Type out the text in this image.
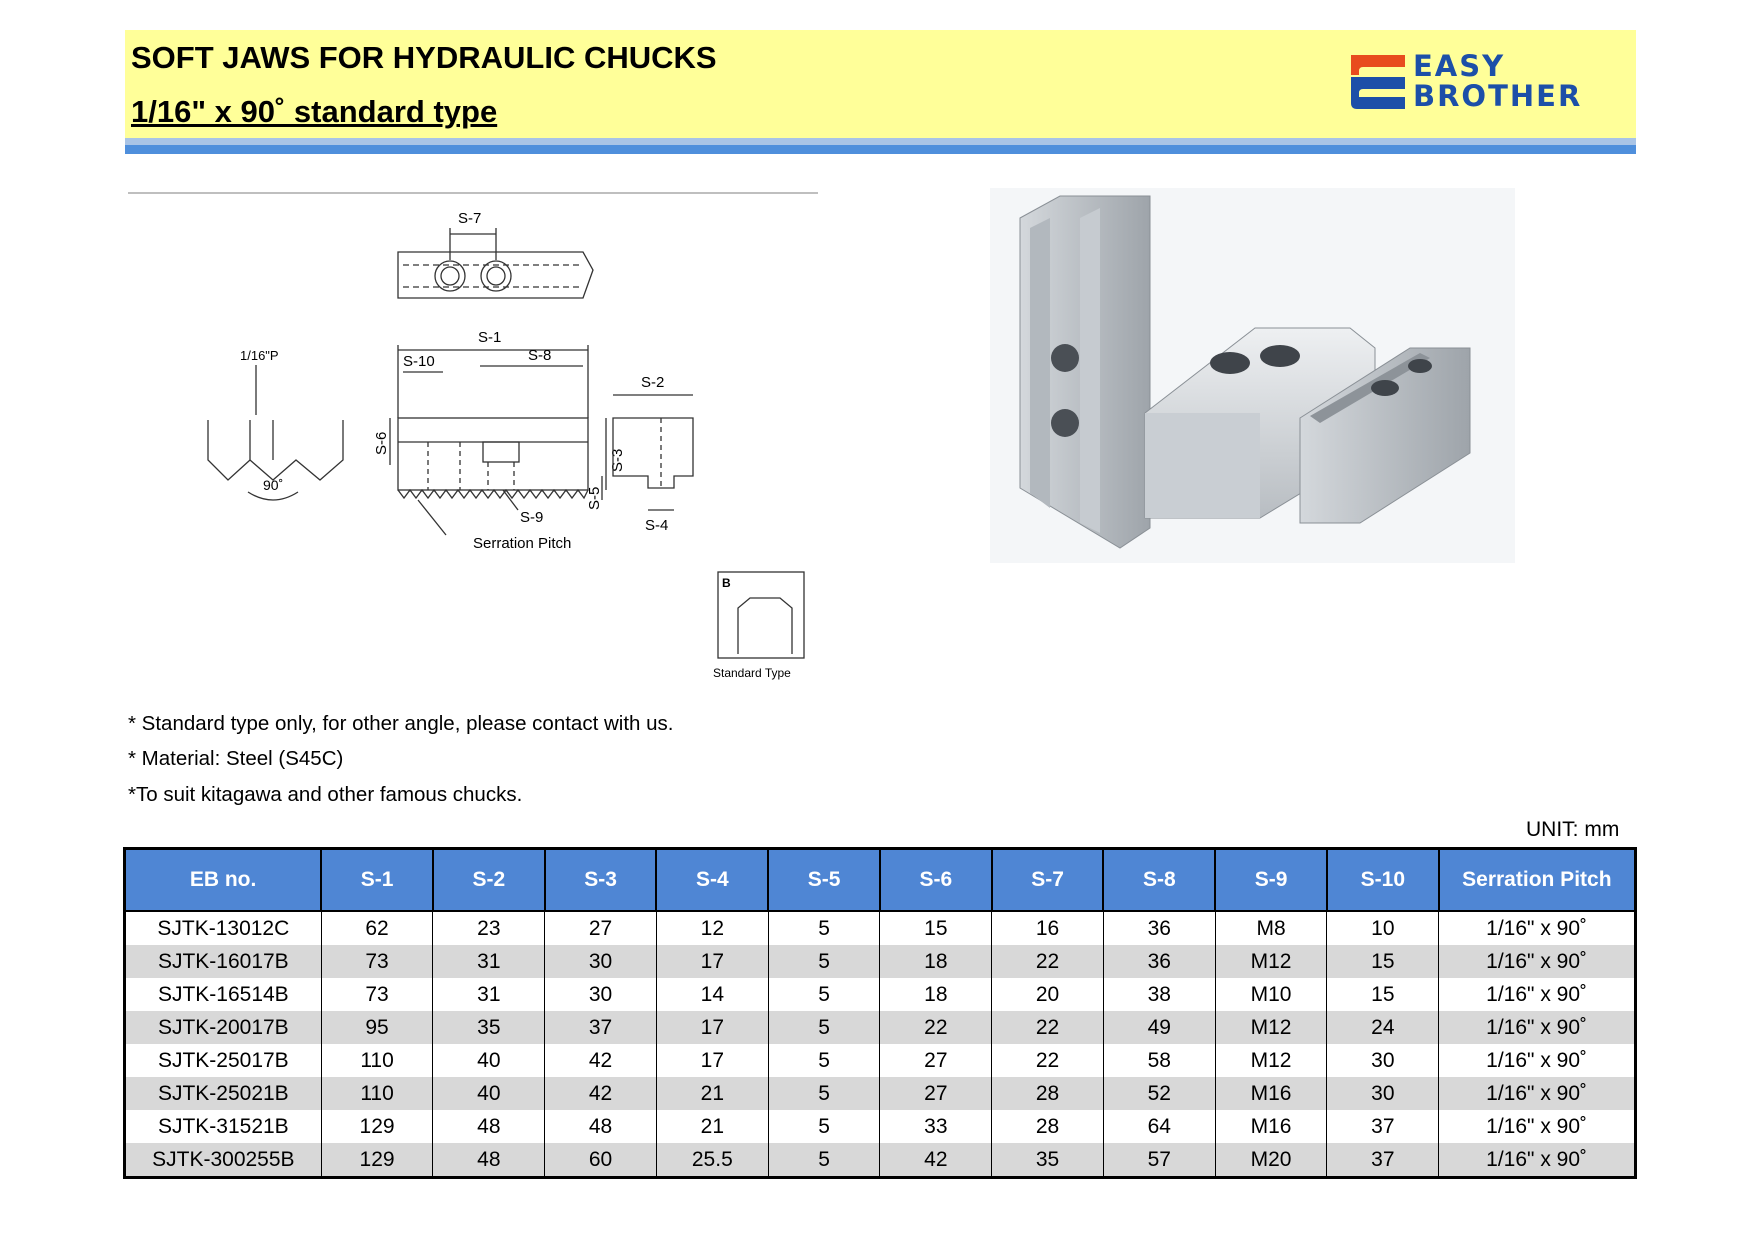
SOFT JAWS FOR HYDRAULIC CHUCKS
1/16" x 90˚ standard type
EASY
BROTHER
S-7
S-1
S-8
S-10
S-6
S-3
S-9
Serration Pitch
1/16"P
90˚
S-2
S-5
S-4
B
Standard Type
* Standard type only, for other angle, please contact with us.
* Material: Steel (S45C)
*To suit kitagawa and other famous chucks.
UNIT: mm
EB no.	S-1	S-2	S-3	S-4	S-5	S-6	S-7	S-8	S-9	S-10	Serration Pitch
SJTK-13012C	62	23	27	12	5	15	16	36	M8	10	1/16" x 90˚
SJTK-16017B	73	31	30	17	5	18	22	36	M12	15	1/16" x 90˚
SJTK-16514B	73	31	30	14	5	18	20	38	M10	15	1/16" x 90˚
SJTK-20017B	95	35	37	17	5	22	22	49	M12	24	1/16" x 90˚
SJTK-25017B	110	40	42	17	5	27	22	58	M12	30	1/16" x 90˚
SJTK-25021B	110	40	42	21	5	27	28	52	M16	30	1/16" x 90˚
SJTK-31521B	129	48	48	21	5	33	28	64	M16	37	1/16" x 90˚
SJTK-300255B	129	48	60	25.5	5	42	35	57	M20	37	1/16" x 90˚
